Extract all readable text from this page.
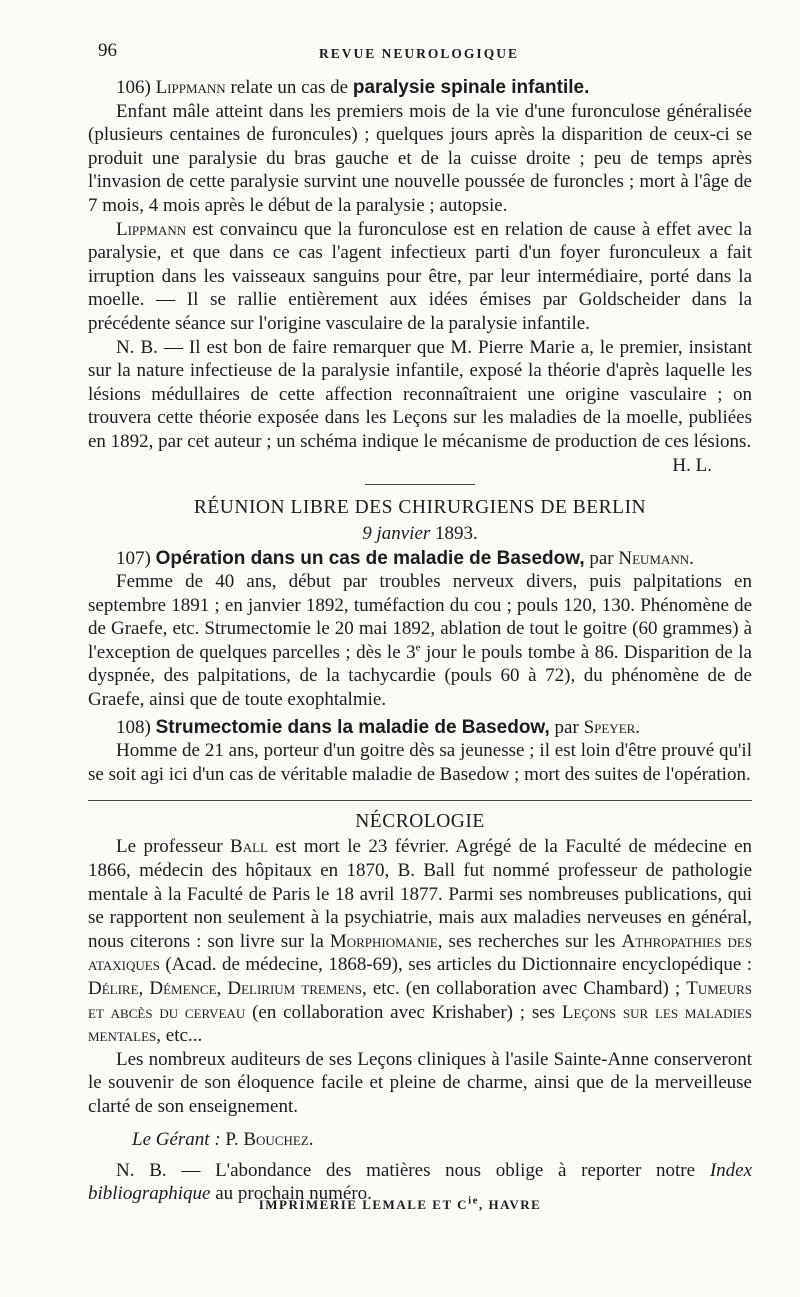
96	REVUE NEUROLOGIQUE

106) Lippmann relate un cas de paralysie spinale infantile.

Enfant mâle atteint dans les premiers mois de la vie d'une furonculose généralisée (plusieurs centaines de furoncules) ; quelques jours après la disparition de ceux-ci se produit une paralysie du bras gauche et de la cuisse droite ; peu de temps après l'invasion de cette paralysie survint une nouvelle poussée de furoncles ; mort à l'âge de 7 mois, 4 mois après le début de la paralysie ; autopsie.

Lippmann est convaincu que la furonculose est en relation de cause à effet avec la paralysie, et que dans ce cas l'agent infectieux parti d'un foyer furonculeux a fait irruption dans les vaisseaux sanguins pour être, par leur intermédiaire, porté dans la moelle. — Il se rallie entièrement aux idées émises par Goldscheider dans la précédente séance sur l'origine vasculaire de la paralysie infantile.

N. B. — Il est bon de faire remarquer que M. Pierre Marie a, le premier, insistant sur la nature infectieuse de la paralysie infantile, exposé la théorie d'après laquelle les lésions médullaires de cette affection reconnaîtraient une origine vasculaire ; on trouvera cette théorie exposée dans les Leçons sur les maladies de la moelle, publiées en 1892, par cet auteur ; un schéma indique le mécanisme de production de ces lésions.

H. L.
RÉUNION LIBRE DES CHIRURGIENS DE BERLIN
9 janvier 1893.

107) Opération dans un cas de maladie de Basedow, par Neumann.

Femme de 40 ans, début par troubles nerveux divers, puis palpitations en septembre 1891 ; en janvier 1892, tuméfaction du cou ; pouls 120, 130. Phénomène de de Graefe, etc. Strumectomie le 20 mai 1892, ablation de tout le goitre (60 grammes) à l'exception de quelques parcelles ; dès le 3e jour le pouls tombe à 86. Disparition de la dyspnée, des palpitations, de la tachycardie (pouls 60 à 72), du phénomène de de Graefe, ainsi que de toute exophtalmie.

108) Strumectomie dans la maladie de Basedow, par Speyer.

Homme de 21 ans, porteur d'un goitre dès sa jeunesse ; il est loin d'être prouvé qu'il se soit agi ici d'un cas de véritable maladie de Basedow ; mort des suites de l'opération.

NÉCROLOGIE

Le professeur Ball est mort le 23 février. Agrégé de la Faculté de médecine en 1866, médecin des hôpitaux en 1870, B. Ball fut nommé professeur de pathologie mentale à la Faculté de Paris le 18 avril 1877. Parmi ses nombreuses publications, qui se rapportent non seulement à la psychiatrie, mais aux maladies nerveuses en général, nous citerons : son livre sur la Morphiomanie, ses recherches sur les Athropathies des ataxiques (Acad. de médecine, 1868-69), ses articles du Dictionnaire encyclopédique : Délire, Démence, Delirium tremens, etc. (en collaboration avec Chambard) ; Tumeurs et abcès du cerveau (en collaboration avec Krishaber) ; ses Leçons sur les maladies mentales, etc...

Les nombreux auditeurs de ses Leçons cliniques à l'asile Sainte-Anne conserveront le souvenir de son éloquence facile et pleine de charme, ainsi que de la merveilleuse clarté de son enseignement.

Le Gérant : P. Bouchez.

N. B. — L'abondance des matières nous oblige à reporter notre Index bibliographique au prochain numéro.

IMPRIMERIE LEMALE ET $C^{ie}$, HAVRE
